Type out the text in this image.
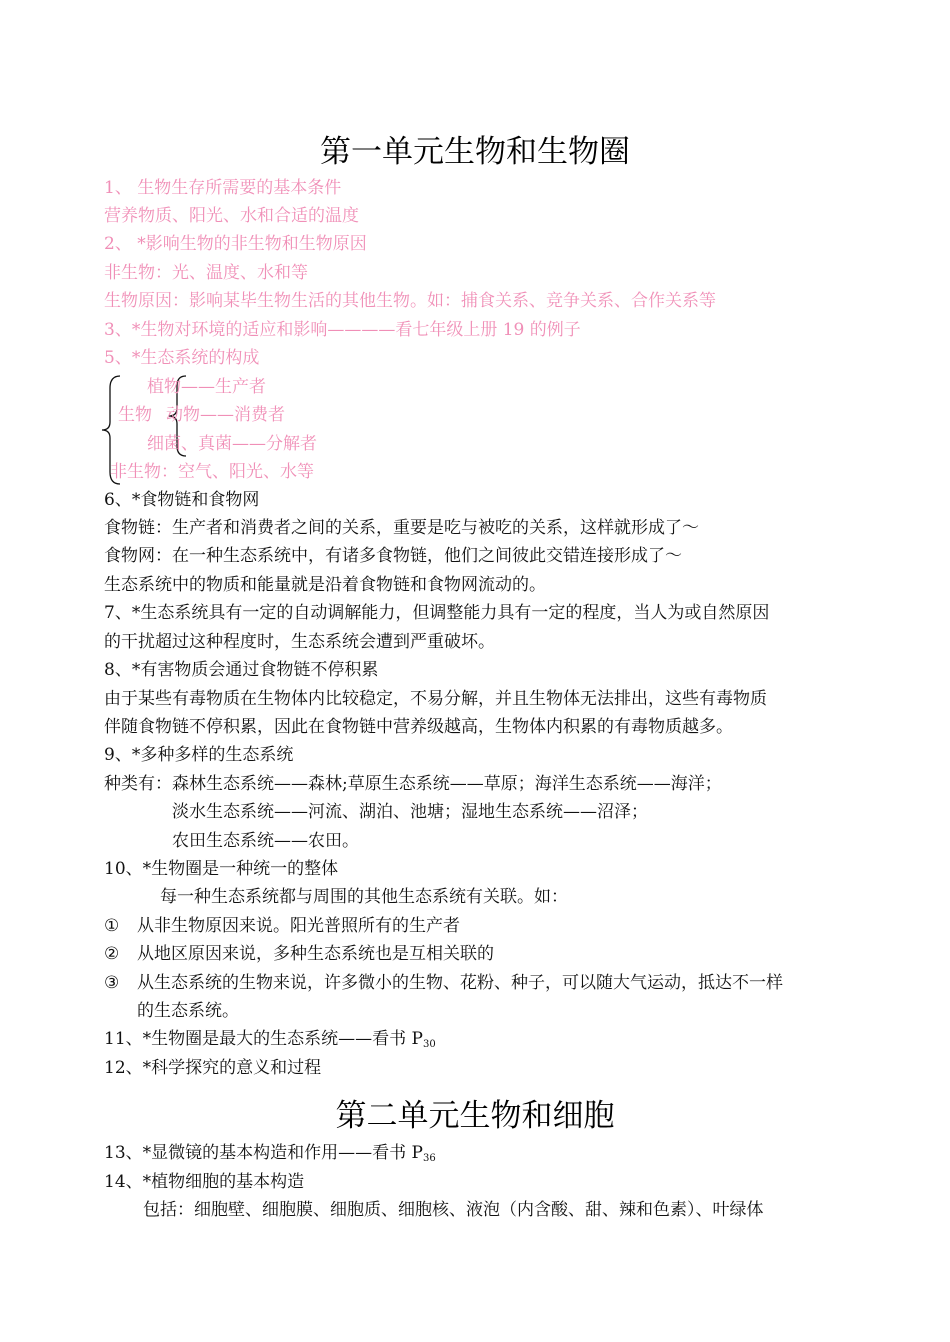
第一单元生物和生物圈
1、 生物生存所需要的基本条件
营养物质、阳光、水和合适的温度
2、 *影响生物的非生物和生物原因
非生物：光、温度、水和等
生物原因：影响某毕生物生活的其他生物。如：捕食关系、竞争关系、合作关系等
3、*生物对环境的适应和影响————看七年级上册 19 的例子
5、*生态系统的构成
植物——生产者
生物 动物——消费者
细菌、真菌——分解者
非生物：空气、阳光、水等
6、*食物链和食物网
食物链：生产者和消费者之间的关系，重要是吃与被吃的关系，这样就形成了～
食物网：在一种生态系统中，有诸多食物链，他们之间彼此交错连接形成了～
生态系统中的物质和能量就是沿着食物链和食物网流动的。
7、*生态系统具有一定的自动调解能力，但调整能力具有一定的程度，当人为或自然原因
的干扰超过这种程度时，生态系统会遭到严重破坏。
8、*有害物质会通过食物链不停积累
由于某些有毒物质在生物体内比较稳定，不易分解，并且生物体无法排出，这些有毒物质
伴随食物链不停积累，因此在食物链中营养级越高，生物体内积累的有毒物质越多。
9、*多种多样的生态系统
种类有：森林生态系统——森林;草原生态系统——草原；海洋生态系统——海洋；
淡水生态系统——河流、湖泊、池塘；湿地生态系统——沼泽；
农田生态系统——农田。
10、*生物圈是一种统一的整体
每一种生态系统都与周围的其他生态系统有关联。如：
① 从非生物原因来说。阳光普照所有的生产者
② 从地区原因来说，多种生态系统也是互相关联的
③ 从生态系统的生物来说，许多微小的生物、花粉、种子，可以随大气运动，抵达不一样
的生态系统。
11、*生物圈是最大的生态系统——看书 $P_{30}$
12、*科学探究的意义和过程
第二单元生物和细胞
13、*显微镜的基本构造和作用——看书 $P_{36}$
14、*植物细胞的基本构造
包括：细胞壁、细胞膜、细胞质、细胞核、液泡（内含酸、甜、辣和色素）、叶绿体
